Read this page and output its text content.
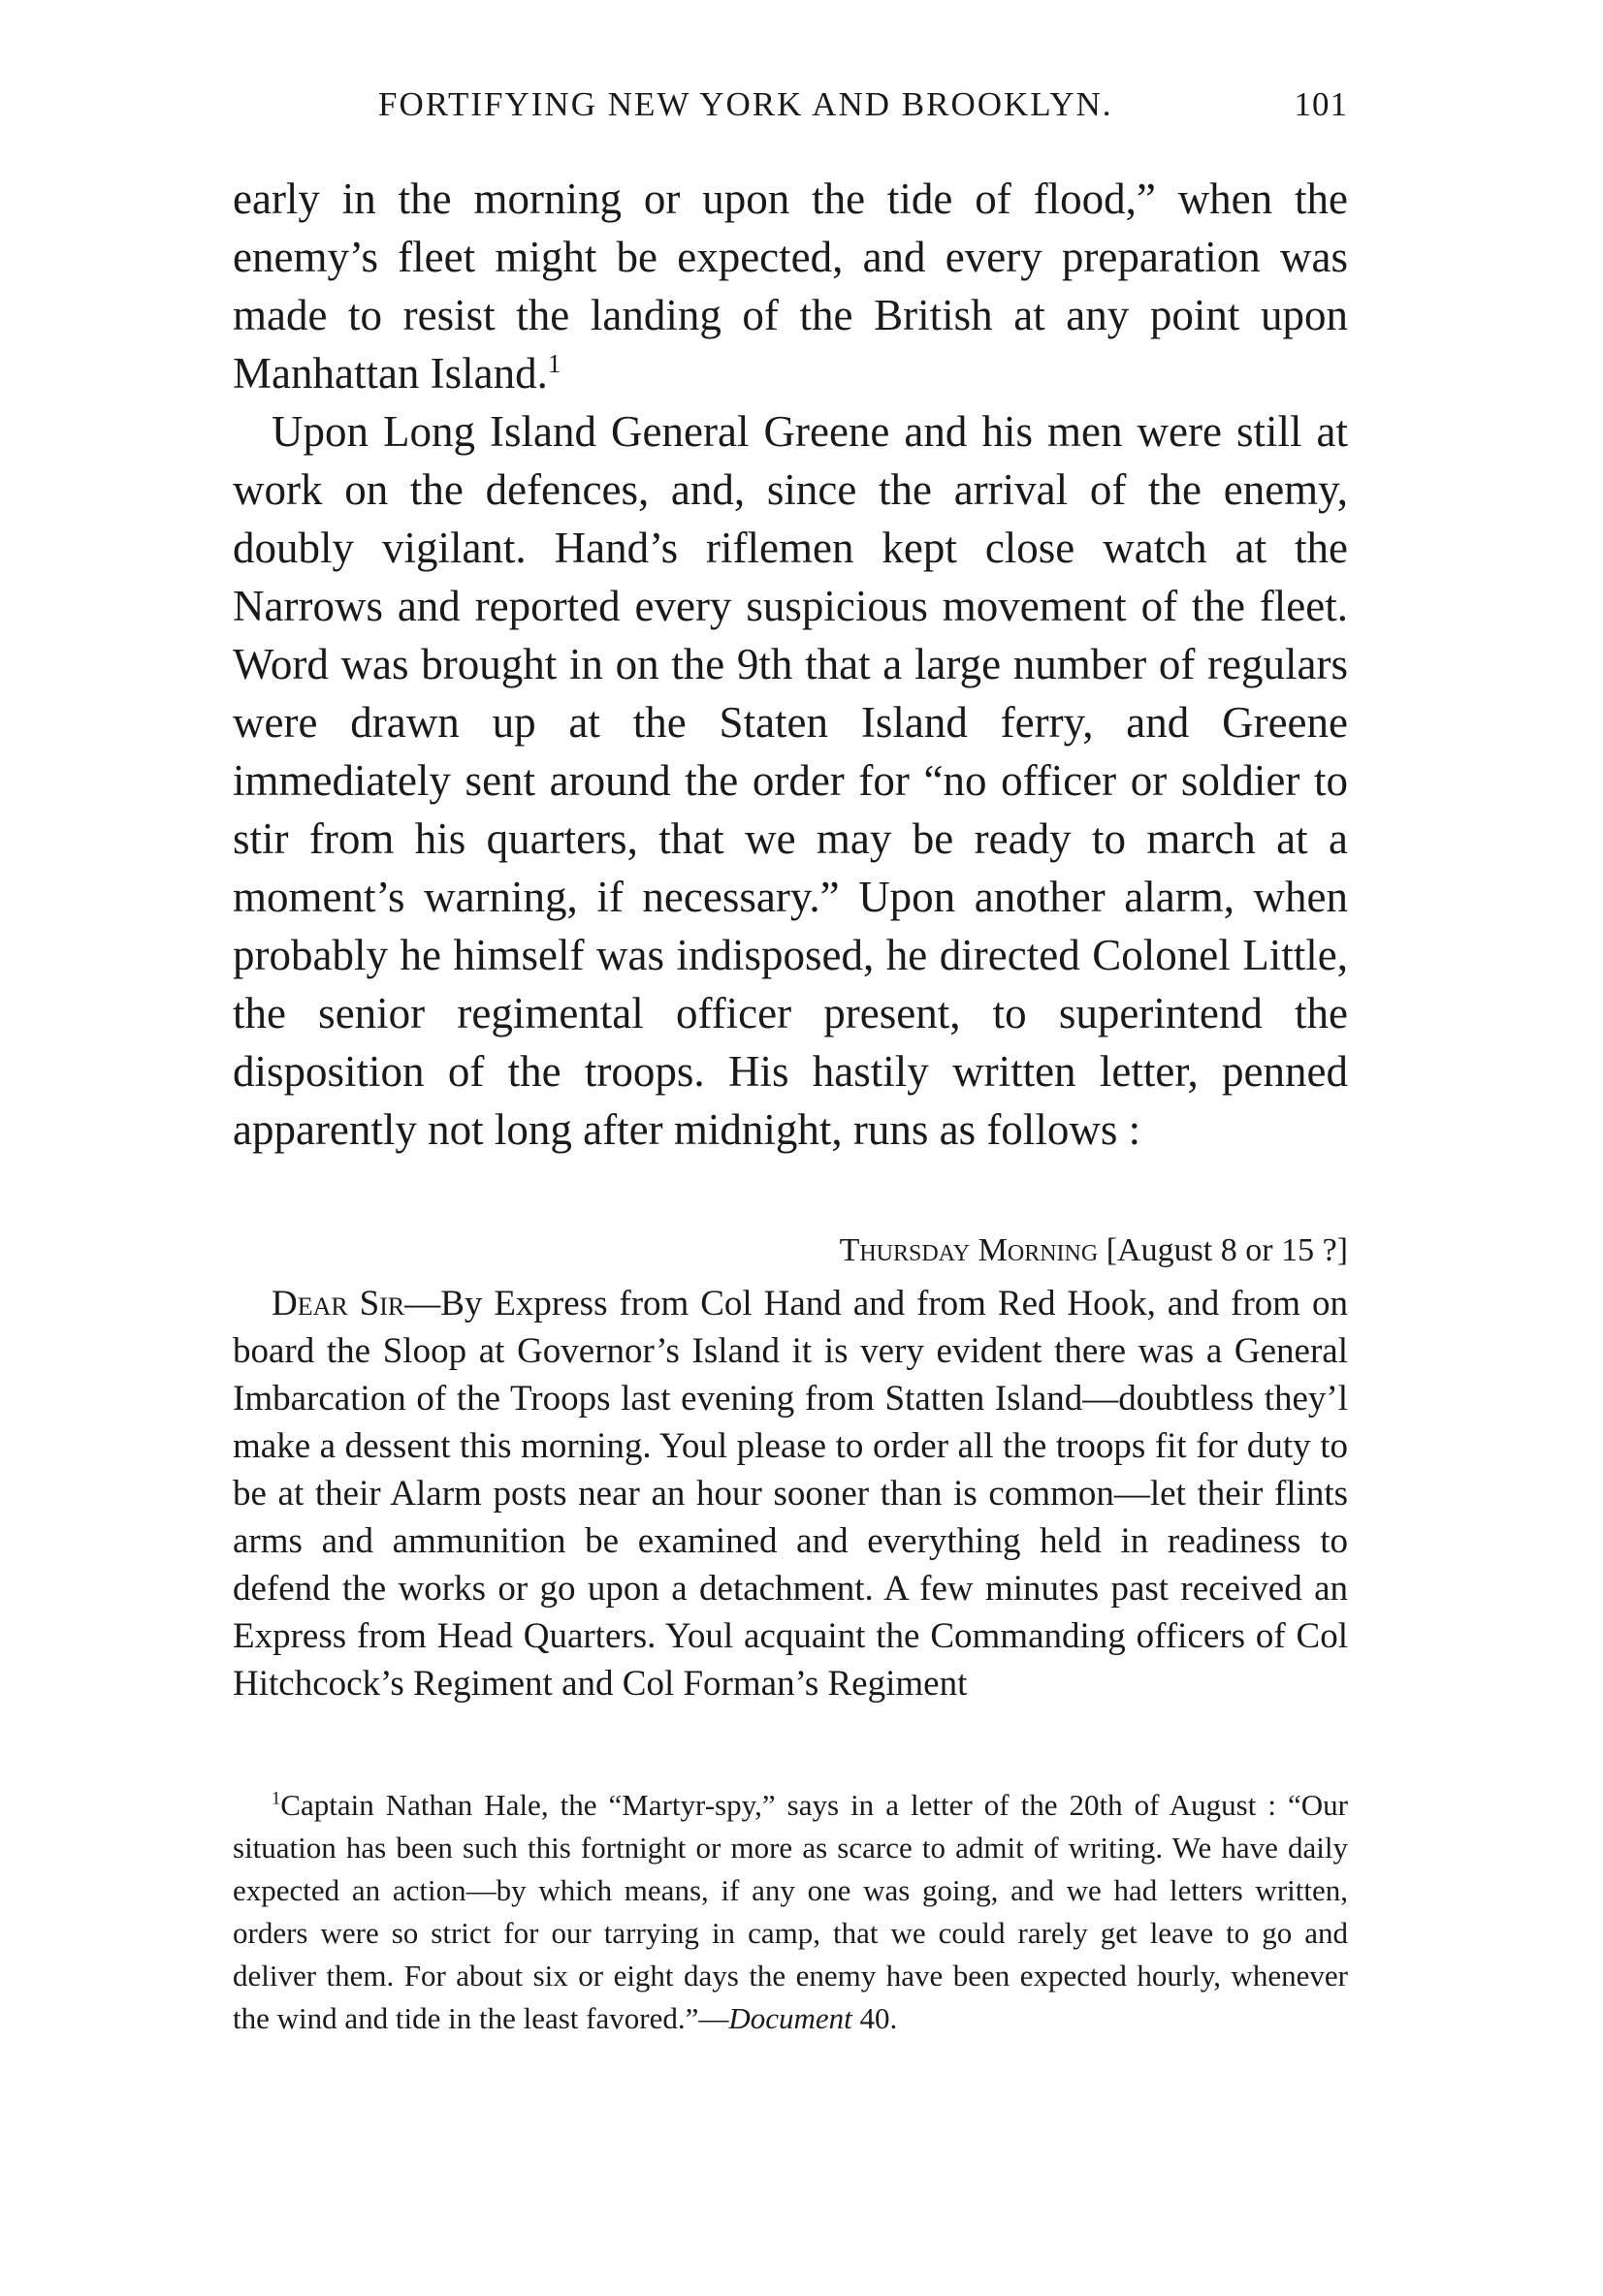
FORTIFYING NEW YORK AND BROOKLYN.	101

early in the morning or upon the tide of flood,” when the enemy’s fleet might be expected, and every preparation was made to resist the landing of the British at any point upon Manhattan Island.$^1$

Upon Long Island General Greene and his men were still at work on the defences, and, since the arrival of the enemy, doubly vigilant. Hand’s riflemen kept close watch at the Narrows and reported every suspicious movement of the fleet. Word was brought in on the 9th that a large number of regulars were drawn up at the Staten Island ferry, and Greene immediately sent around the order for “no officer or soldier to stir from his quarters, that we may be ready to march at a moment’s warning, if necessary.” Upon another alarm, when probably he himself was indisposed, he directed Colonel Little, the senior regimental officer present, to superintend the disposition of the troops. His hastily written letter, penned apparently not long after midnight, runs as follows :

Thursday Morning [August 8 or 15 ?]

Dear Sir—By Express from Col Hand and from Red Hook, and from on board the Sloop at Governor’s Island it is very evident there was a General Imbarcation of the Troops last evening from Statten Island—doubtless they’l make a dessent this morning. Youl please to order all the troops fit for duty to be at their Alarm posts near an hour sooner than is common—let their flints arms and ammunition be examined and everything held in readiness to defend the works or go upon a detachment. A few minutes past received an Express from Head Quarters. Youl acquaint the Commanding officers of Col Hitchcock’s Regiment and Col Forman’s Regiment

$^1$Captain Nathan Hale, the “Martyr-spy,” says in a letter of the 20th of August : “Our situation has been such this fortnight or more as scarce to admit of writing. We have daily expected an action—by which means, if any one was going, and we had letters written, orders were so strict for our tarrying in camp, that we could rarely get leave to go and deliver them. For about six or eight days the enemy have been expected hourly, whenever the wind and tide in the least favored.”—Document 40.
